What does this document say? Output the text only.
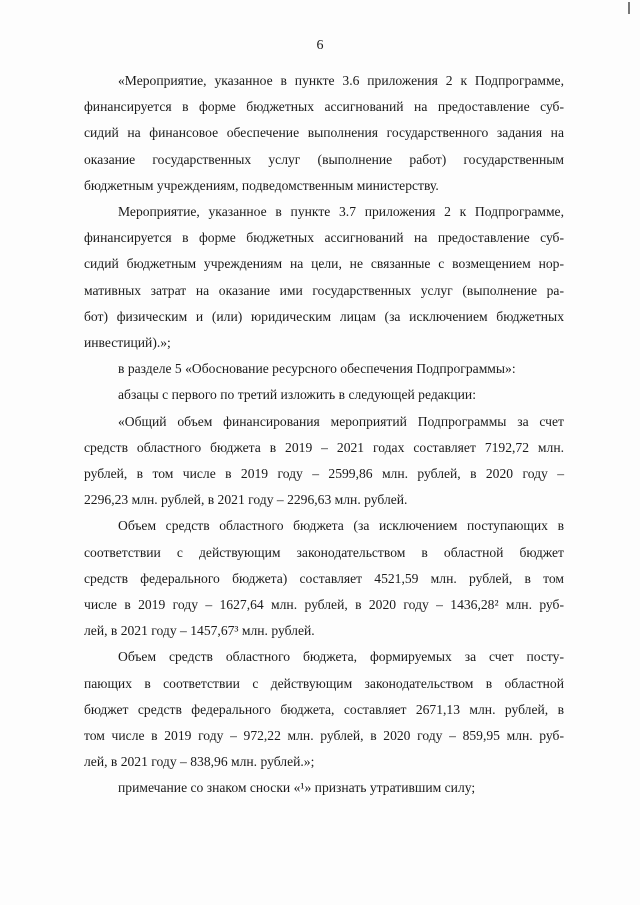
6

«Мероприятие, указанное в пункте 3.6 приложения 2 к Подпрограмме,
финансируется в форме бюджетных ассигнований на предоставление суб-
сидий на финансовое обеспечение выполнения государственного задания на
оказание государственных услуг (выполнение работ) государственным
бюджетным учреждениям, подведомственным министерству.

Мероприятие, указанное в пункте 3.7 приложения 2 к Подпрограмме,
финансируется в форме бюджетных ассигнований на предоставление суб-
сидий бюджетным учреждениям на цели, не связанные с возмещением нор-
мативных затрат на оказание ими государственных услуг (выполнение ра-
бот) физическим и (или) юридическим лицам (за исключением бюджетных
инвестиций).»;

в разделе 5 «Обоснование ресурсного обеспечения Подпрограммы»:

абзацы с первого по третий изложить в следующей редакции:

«Общий объем финансирования мероприятий Подпрограммы за счет
средств областного бюджета в 2019 – 2021 годах составляет 7192,72 млн.
рублей, в том числе в 2019 году – 2599,86 млн. рублей, в 2020 году –
2296,23 млн. рублей, в 2021 году – 2296,63 млн. рублей.

Объем средств областного бюджета (за исключением поступающих в
соответствии с действующим законодательством в областной бюджет
средств федерального бюджета) составляет 4521,59 млн. рублей, в том
числе в 2019 году – 1627,64 млн. рублей, в 2020 году – 1436,28² млн. руб-
лей, в 2021 году – 1457,67³ млн. рублей.

Объем средств областного бюджета, формируемых за счет посту-
пающих в соответствии с действующим законодательством в областной
бюджет средств федерального бюджета, составляет 2671,13 млн. рублей, в
том числе в 2019 году – 972,22 млн. рублей, в 2020 году – 859,95 млн. руб-
лей, в 2021 году – 838,96 млн. рублей.»;

примечание со знаком сноски «¹» признать утратившим силу;
